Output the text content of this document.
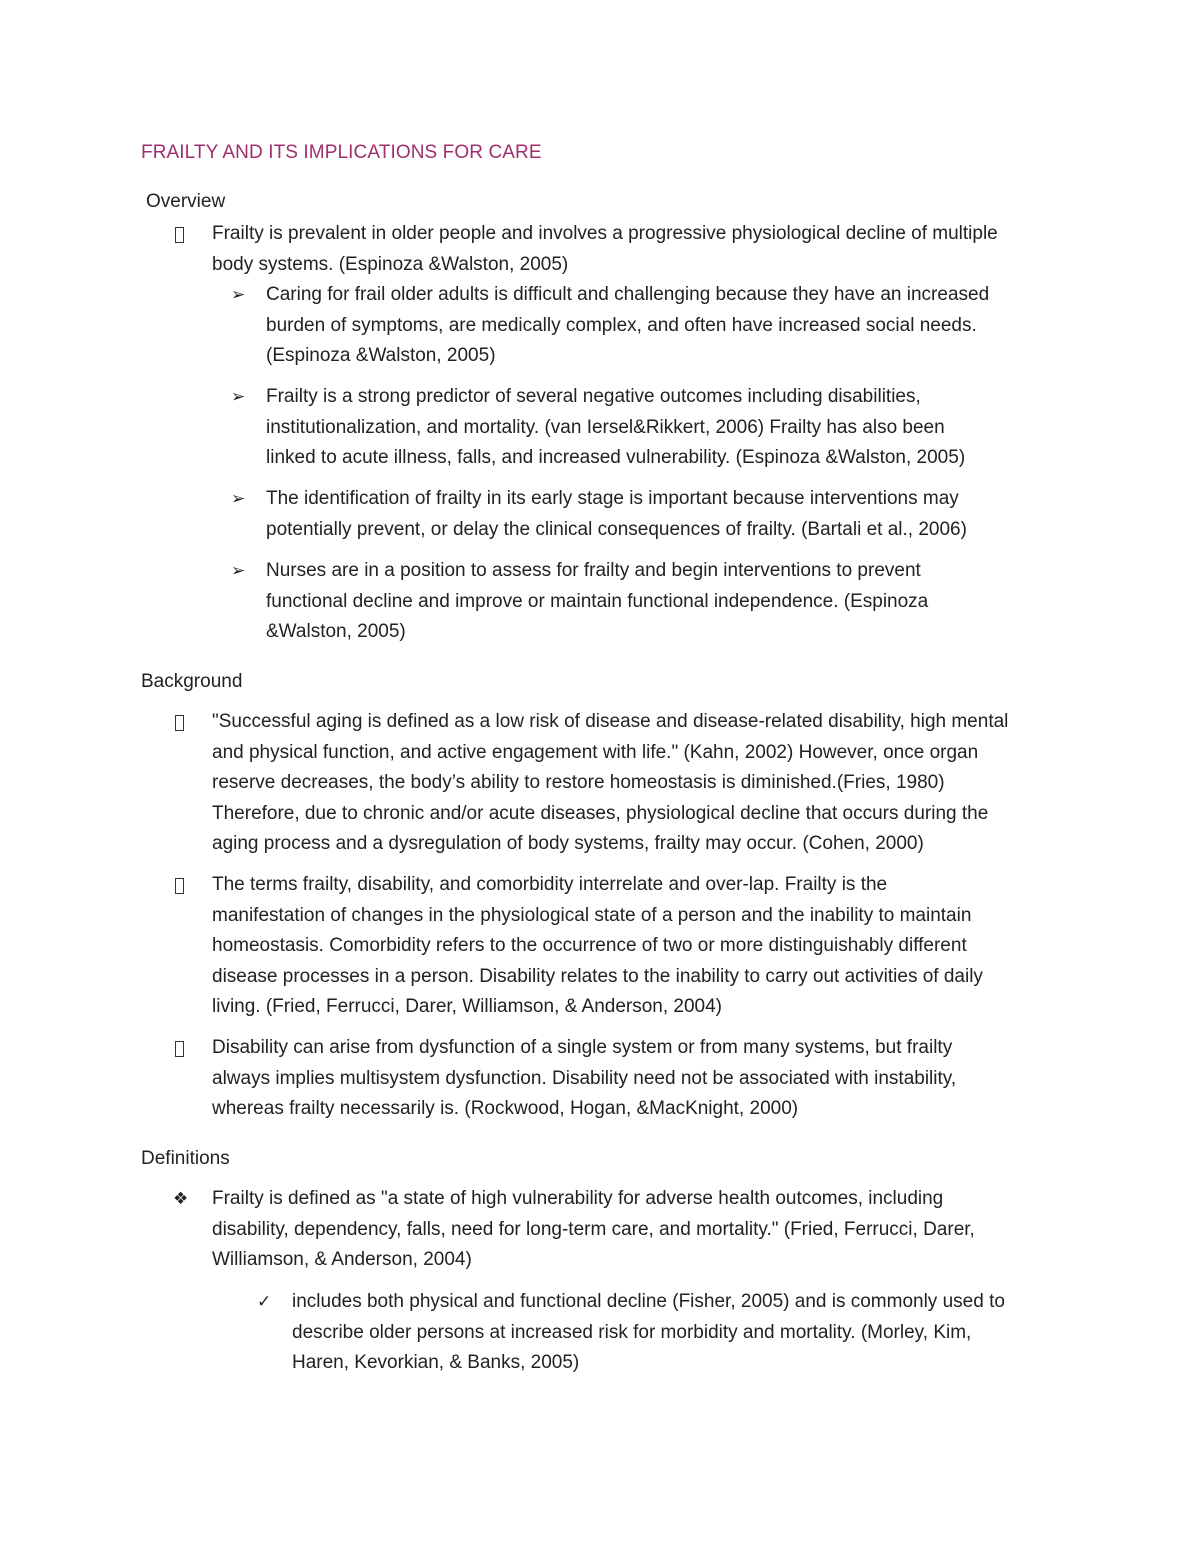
FRAILTY AND ITS IMPLICATIONS FOR CARE
Overview
Frailty is prevalent in older people and involves a progressive physiological decline of multiple
body systems. (Espinoza &Walston, 2005)
➢ Caring for frail older adults is difficult and challenging because they have an increased
burden of symptoms, are medically complex, and often have increased social needs.
(Espinoza &Walston, 2005)
➢ Frailty is a strong predictor of several negative outcomes including disabilities,
institutionalization, and mortality. (van Iersel&Rikkert, 2006) Frailty has also been
linked to acute illness, falls, and increased vulnerability. (Espinoza &Walston, 2005)
➢ The identification of frailty in its early stage is important because interventions may
potentially prevent, or delay the clinical consequences of frailty. (Bartali et al., 2006)
➢ Nurses are in a position to assess for frailty and begin interventions to prevent
functional decline and improve or maintain functional independence. (Espinoza
&Walston, 2005)
Background
"Successful aging is defined as a low risk of disease and disease-related disability, high mental
and physical function, and active engagement with life." (Kahn, 2002) However, once organ
reserve decreases, the body’s ability to restore homeostasis is diminished.(Fries, 1980)
Therefore, due to chronic and/or acute diseases, physiological decline that occurs during the
aging process and a dysregulation of body systems, frailty may occur. (Cohen, 2000)
The terms frailty, disability, and comorbidity interrelate and over-lap. Frailty is the
manifestation of changes in the physiological state of a person and the inability to maintain
homeostasis. Comorbidity refers to the occurrence of two or more distinguishably different
disease processes in a person. Disability relates to the inability to carry out activities of daily
living. (Fried, Ferrucci, Darer, Williamson, & Anderson, 2004)
Disability can arise from dysfunction of a single system or from many systems, but frailty
always implies multisystem dysfunction. Disability need not be associated with instability,
whereas frailty necessarily is. (Rockwood, Hogan, &MacKnight, 2000)
Definitions
❖ Frailty is defined as "a state of high vulnerability for adverse health outcomes, including
disability, dependency, falls, need for long-term care, and mortality." (Fried, Ferrucci, Darer,
Williamson, & Anderson, 2004)
✓ includes both physical and functional decline (Fisher, 2005) and is commonly used to
describe older persons at increased risk for morbidity and mortality. (Morley, Kim,
Haren, Kevorkian, & Banks, 2005)
